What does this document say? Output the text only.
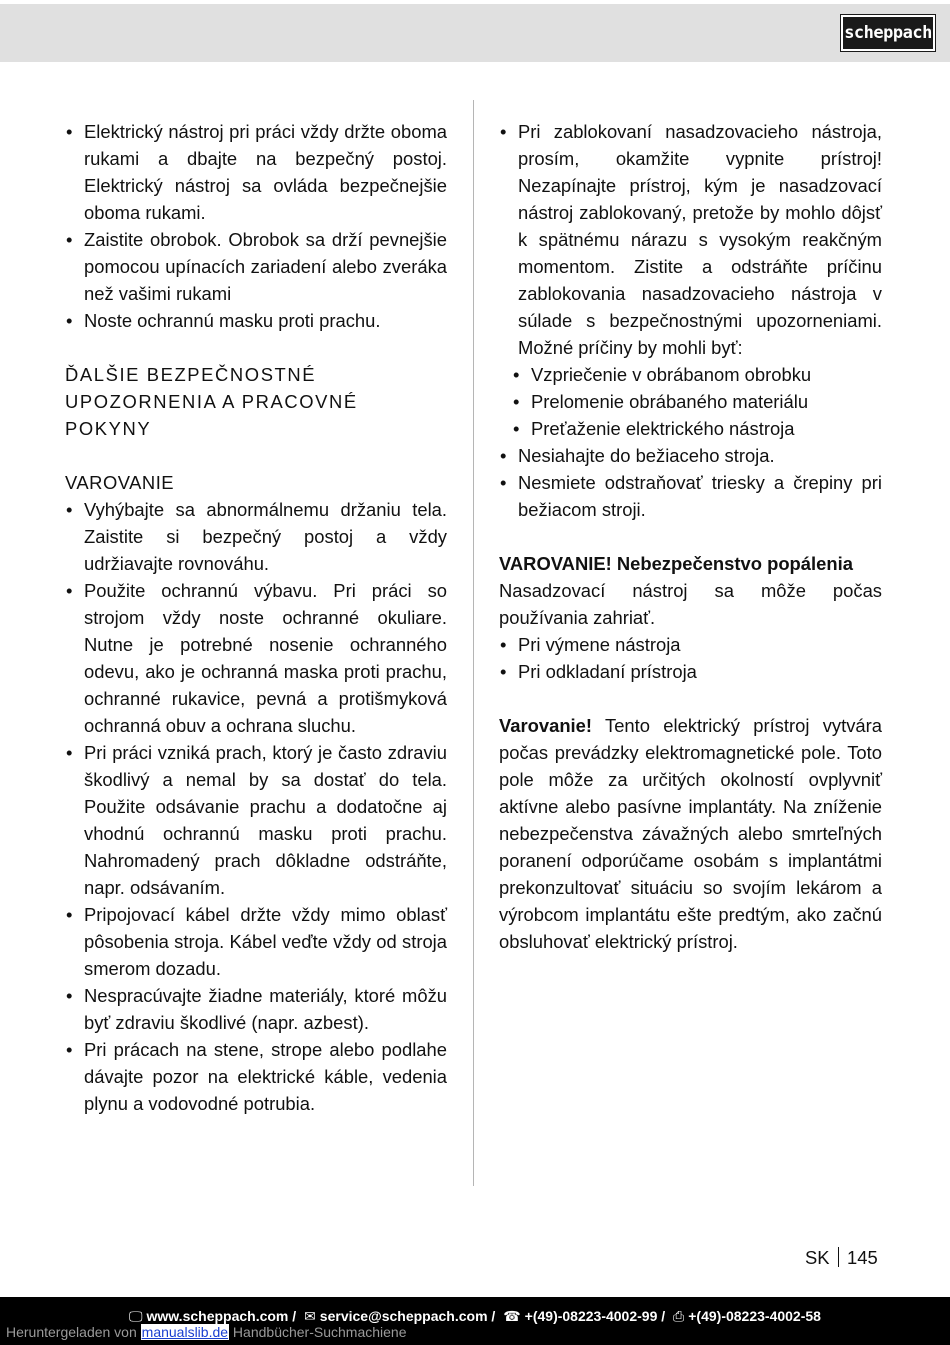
scheppach
• Elektrický nástroj pri práci vždy držte oboma rukami a dbajte na bezpečný postoj. Elektrický nástroj sa ovláda bezpečnejšie oboma rukami.
• Zaistite obrobok. Obrobok sa drží pevnejšie pomocou upínacích zariadení alebo zveráka než vašimi rukami
• Noste ochrannú masku proti prachu.

ĎALŠIE BEZPEČNOSTNÉ UPOZORNENIA A PRACOVNÉ POKYNY

VAROVANIE

• Vyhýbajte sa abnormálnemu držaniu tela. Zaistite si bezpečný postoj a vždy udržiavajte rovnováhu.
• Použite ochrannú výbavu. Pri práci so strojom vždy noste ochranné okuliare. Nutne je potrebné nosenie ochranného odevu, ako je ochranná maska proti prachu, ochranné rukavice, pevná a protišmyková ochranná obuv a ochrana sluchu.
• Pri práci vzniká prach, ktorý je často zdraviu škodlivý a nemal by sa dostať do tela. Použite odsávanie prachu a dodatočne aj vhodnú ochrannú masku proti prachu. Nahromadený prach dôkladne odstráňte, napr. odsávaním.
• Pripojovací kábel držte vždy mimo oblasť pôsobenia stroja. Kábel veďte vždy od stroja smerom dozadu.
• Nespracúvajte žiadne materiály, ktoré môžu byť zdraviu škodlivé (napr. azbest).
• Pri prácach na stene, strope alebo podlahe dávajte pozor na elektrické káble, vedenia plynu a vodovodné potrubia.
• Pri zablokovaní nasadzovacieho nástroja, prosím, okamžite vypnite prístroj! Nezapínajte prístroj, kým je nasadzovací nástroj zablokovaný, pretože by mohlo dôjsť k spätnému nárazu s vysokým reakčným momentom. Zistite a odstráňte príčinu zablokovania nasadzovacieho nástroja v súlade s bezpečnostnými upozorneniami. Možné príčiny by mohli byť:
• Vzpriečenie v obrábanom obrobku
• Prelomenie obrábaného materiálu
• Preťaženie elektrického nástroja
• Nesiahajte do bežiaceho stroja.
• Nesmiete odstraňovať triesky a črepiny pri bežiacom stroji.

VAROVANIE! Nebezpečenstvo popálenia

Nasadzovací nástroj sa môže počas používania zahriať.

• Pri výmene nástroja
• Pri odkladaní prístroja

Varovanie! Tento elektrický prístroj vytvára počas prevádzky elektromagnetické pole. Toto pole môže za určitých okolností ovplyvniť aktívne alebo pasívne implantáty. Na zníženie nebezpečenstva závažných alebo smrteľných poranení odporúčame osobám s implantátmi prekonzultovať situáciu so svojím lekárom a výrobcom implantátu ešte predtým, ako začnú obsluhovať elektrický prístroj.

SK 145
🖵 www.scheppach.com / ✉ service@scheppach.com / ☎ +(49)-08223-4002-99 / ⎙ +(49)-08223-4002-58
Heruntergeladen von manualslib.de Handbücher-Suchmachiene
